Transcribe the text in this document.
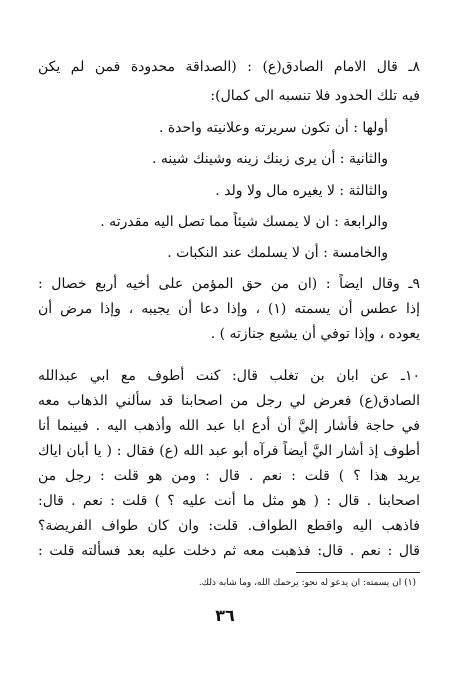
٨ـ قال الامام الصادق(ع) : (الصداقة محدودة فمن لم يكن
فيه تلك الحدود فلا تنسبه الى كمال):
أولها : أن تكون سريرته وعلانيته واحدة .
والثانية : أن يرى زينك زينه وشينك شينه .
والثالثة : لا يغيره مال ولا ولد .
والرابعة : ان لا يمسك شيئاً مما تصل اليه مقدرته .
والخامسة : أن لا يسلمك عند النكبات .
٩ـ وقال ايضاً : (ان من حق المؤمن على أخيه أربع خصال :
إذا عطس أن يسمته (١) ، وإذا دعا أن يجيبه ، وإذا مرض أن
يعوده ، وإذا توفي أن يشيع جنازته ) .
١٠ـ عن ابان بن تغلب قال: كنت أطوف مع ابي عبدالله
الصادق(ع) فعرض لي رجل من اصحابنا قد سألني الذهاب معه
في حاجة فأشار إليَّ أن أدع ابا عبد الله وأذهب اليه . فبينما أنا
أطوف إذ أشار اليَّ أيضاً فرآه أبو عبد الله (ع) فقال : ( يا أبان اياك
يريد هذا ؟ ) قلت : نعم . قال : ومن هو قلت : رجل من
اصحابنا . قال : ( هو مثل ما أنت عليه ؟ ) قلت : نعم . قال:
فاذهب اليه واقطع الطواف. قلت: وان كان طواف الفريضة؟
قال : نعم . قال: فذهبت معه ثم دخلت عليه بعد فسألته قلت :
(١) ان يسمته: ان يدعو له نحو: يرحمك الله، وما شابه ذلك.
٣٦
